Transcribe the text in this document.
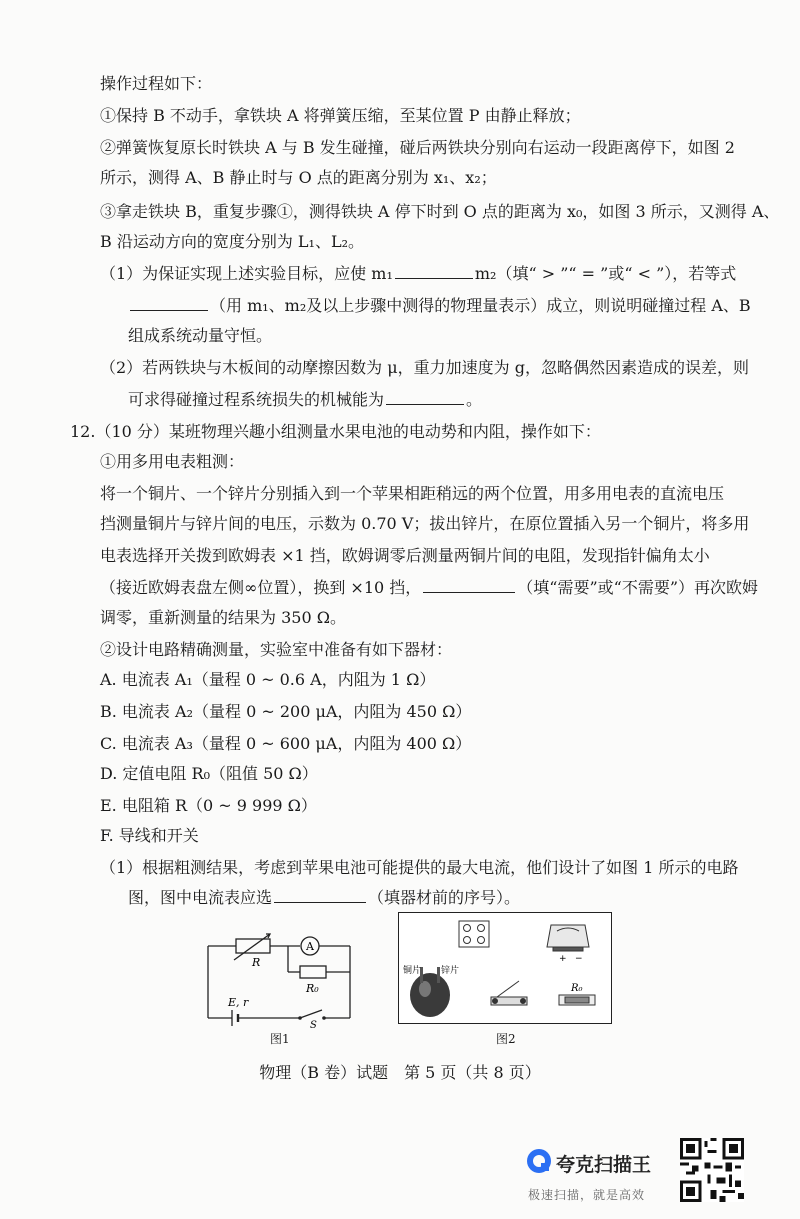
操作过程如下：
①保持 B 不动手，拿铁块 A 将弹簧压缩，至某位置 P 由静止释放；
②弹簧恢复原长时铁块 A 与 B 发生碰撞，碰后两铁块分别向右运动一段距离停下，如图 2
所示，测得 A、B 静止时与 O 点的距离分别为 x₁、x₂；
③拿走铁块 B，重复步骤①，测得铁块 A 停下时到 O 点的距离为 x₀，如图 3 所示，又测得 A、
B 沿运动方向的宽度分别为 L₁、L₂。
（1）为保证实现上述实验目标，应使 m₁	m₂（填“ > ”“ = ”或“ < ”），若等式
（用 m₁、m₂及以上步骤中测得的物理量表示）成立，则说明碰撞过程 A、B
组成系统动量守恒。
（2）若两铁块与木板间的动摩擦因数为 μ，重力加速度为 g，忽略偶然因素造成的误差，则
可求得碰撞过程系统损失的机械能为	。
12.（10 分）某班物理兴趣小组测量水果电池的电动势和内阻，操作如下：
①用多用电表粗测：
将一个铜片、一个锌片分别插入到一个苹果相距稍远的两个位置，用多用电表的直流电压
挡测量铜片与锌片间的电压，示数为 0.70 V；拔出锌片，在原位置插入另一个铜片，将多用
电表选择开关拨到欧姆表 ×1 挡，欧姆调零后测量两铜片间的电阻，发现指针偏角太小
（接近欧姆表盘左侧∞位置），换到 ×10 挡，	（填“需要”或“不需要”）再次欧姆
调零，重新测量的结果为 350 Ω。
②设计电路精确测量，实验室中准备有如下器材：
A. 电流表 A₁（量程 0 ~ 0.6 A，内阻为 1 Ω）
B. 电流表 A₂（量程 0 ~ 200 μA，内阻为 450 Ω）
C. 电流表 A₃（量程 0 ~ 600 μA，内阻为 400 Ω）
D. 定值电阻 R₀（阻值 50 Ω）
E. 电阻箱 R（0 ~ 9 999 Ω）
F. 导线和开关
（1）根据粗测结果，考虑到苹果电池可能提供的最大电流，他们设计了如图 1 所示的电路
图，图中电流表应选	（填器材前的序号）。
A
R
R₀
E, r
S
图1
铜片 锌片
R₀
+ −
图2
物理（B 卷）试题　第 5 页（共 8 页）
夸克扫描王
极速扫描，就是高效
